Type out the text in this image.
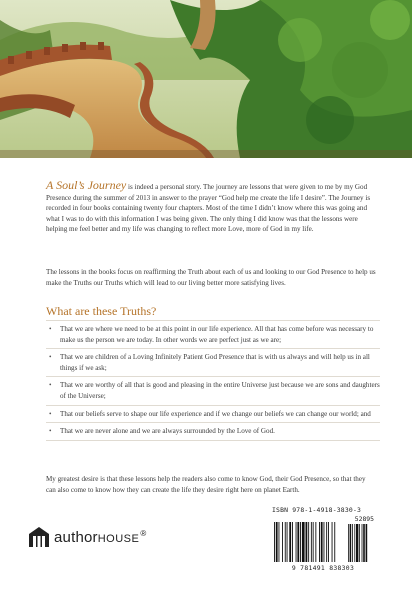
A Soul’s Journey is indeed a personal story. The journey are lessons that were given to me by my God Presence during the summer of 2013 in answer to the prayer “God help me create the life I desire”. The Journey is recorded in four books containing twenty four chapters. Most of the time I didn’t know where this was going and what I was to do with this information I was being given. The only thing I did know was that the lessons were helping me feel better and my life was changing to reflect more Love, more of God in my life.

The lessons in the books focus on reaffirming the Truth about each of us and looking to our God Presence to help us make the Truths our Truths which will lead to our living better more satisfying lives.

What are these Truths?
• That we are where we need to be at this point in our life experience. All that has come before was necessary to make us the person we are today. In other words we are perfect just as we are;
• That we are children of a Loving Infinitely Patient God Presence that is with us always and will help us in all things if we ask;
• That we are worthy of all that is good and pleasing in the entire Universe just because we are sons and daughters of the Universe;
• That our beliefs serve to shape our life experience and if we change our beliefs we can change our world; and
• That we are never alone and we are always surrounded by the Love of God.

My greatest desire is that these lessons help the readers also come to know God, their God Presence, so that they can also come to know how they can create the life they desire right here on planet Earth.

authorHOUSE®
ISBN 978-1-4918-3830-3
52895
9 781491 838303
